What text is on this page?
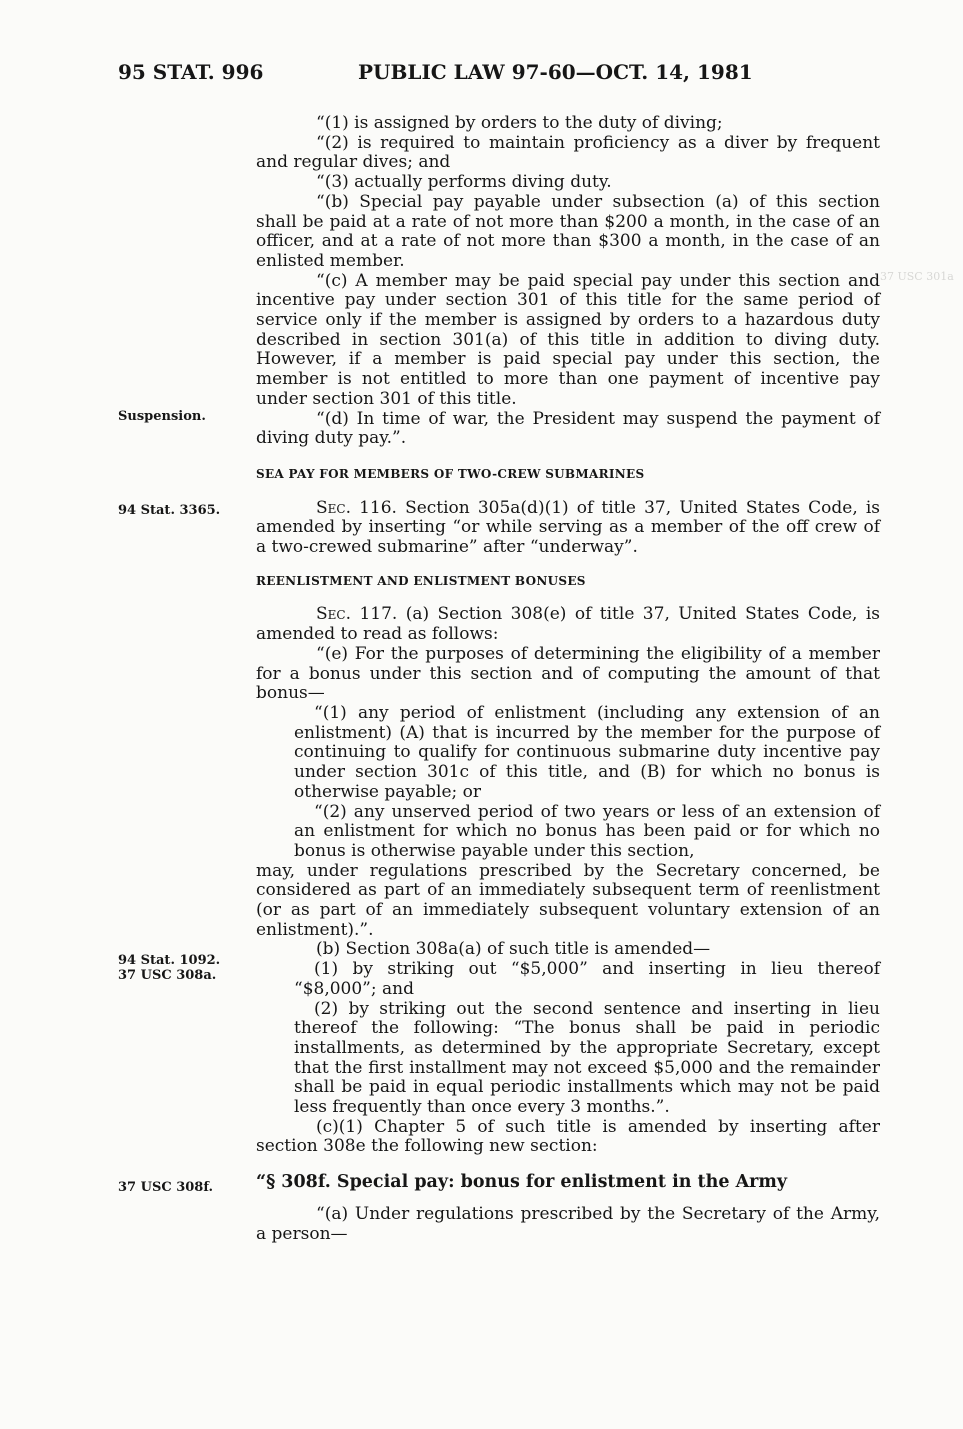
95 STAT. 996	PUBLIC LAW 97-60—OCT. 14, 1981
37 USC 301a
Suspension.
94 Stat. 3365.
94 Stat. 1092.
37 USC 308a.
37 USC 308f.

“(1) is assigned by orders to the duty of diving;

“(2) is required to maintain proficiency as a diver by frequent and regular dives; and

“(3) actually performs diving duty.

“(b) Special pay payable under subsection (a) of this section shall be paid at a rate of not more than $200 a month, in the case of an officer, and at a rate of not more than $300 a month, in the case of an enlisted member.

“(c) A member may be paid special pay under this section and incentive pay under section 301 of this title for the same period of service only if the member is assigned by orders to a hazardous duty described in section 301(a) of this title in addition to diving duty. However, if a member is paid special pay under this section, the member is not entitled to more than one payment of incentive pay under section 301 of this title.

“(d) In time of war, the President may suspend the payment of diving duty pay.”.

SEA PAY FOR MEMBERS OF TWO-CREW SUBMARINES

Sec. 116. Section 305a(d)(1) of title 37, United States Code, is amended by inserting “or while serving as a member of the off crew of a two-crewed submarine” after “underway”.

REENLISTMENT AND ENLISTMENT BONUSES

Sec. 117. (a) Section 308(e) of title 37, United States Code, is amended to read as follows:

“(e) For the purposes of determining the eligibility of a member for a bonus under this section and of computing the amount of that bonus—

“(1) any period of enlistment (including any extension of an enlistment) (A) that is incurred by the member for the purpose of continuing to qualify for continuous submarine duty incentive pay under section 301c of this title, and (B) for which no bonus is otherwise payable; or

“(2) any unserved period of two years or less of an extension of an enlistment for which no bonus has been paid or for which no bonus is otherwise payable under this section,

may, under regulations prescribed by the Secretary concerned, be considered as part of an immediately subsequent term of reenlistment (or as part of an immediately subsequent voluntary extension of an enlistment).”.

(b) Section 308a(a) of such title is amended—

(1) by striking out “$5,000” and inserting in lieu thereof “$8,000”; and

(2) by striking out the second sentence and inserting in lieu thereof the following: “The bonus shall be paid in periodic installments, as determined by the appropriate Secretary, except that the first installment may not exceed $5,000 and the remainder shall be paid in equal periodic installments which may not be paid less frequently than once every 3 months.”.

(c)(1) Chapter 5 of such title is amended by inserting after section 308e the following new section:

“§ 308f. Special pay: bonus for enlistment in the Army

“(a) Under regulations prescribed by the Secretary of the Army, a person—
